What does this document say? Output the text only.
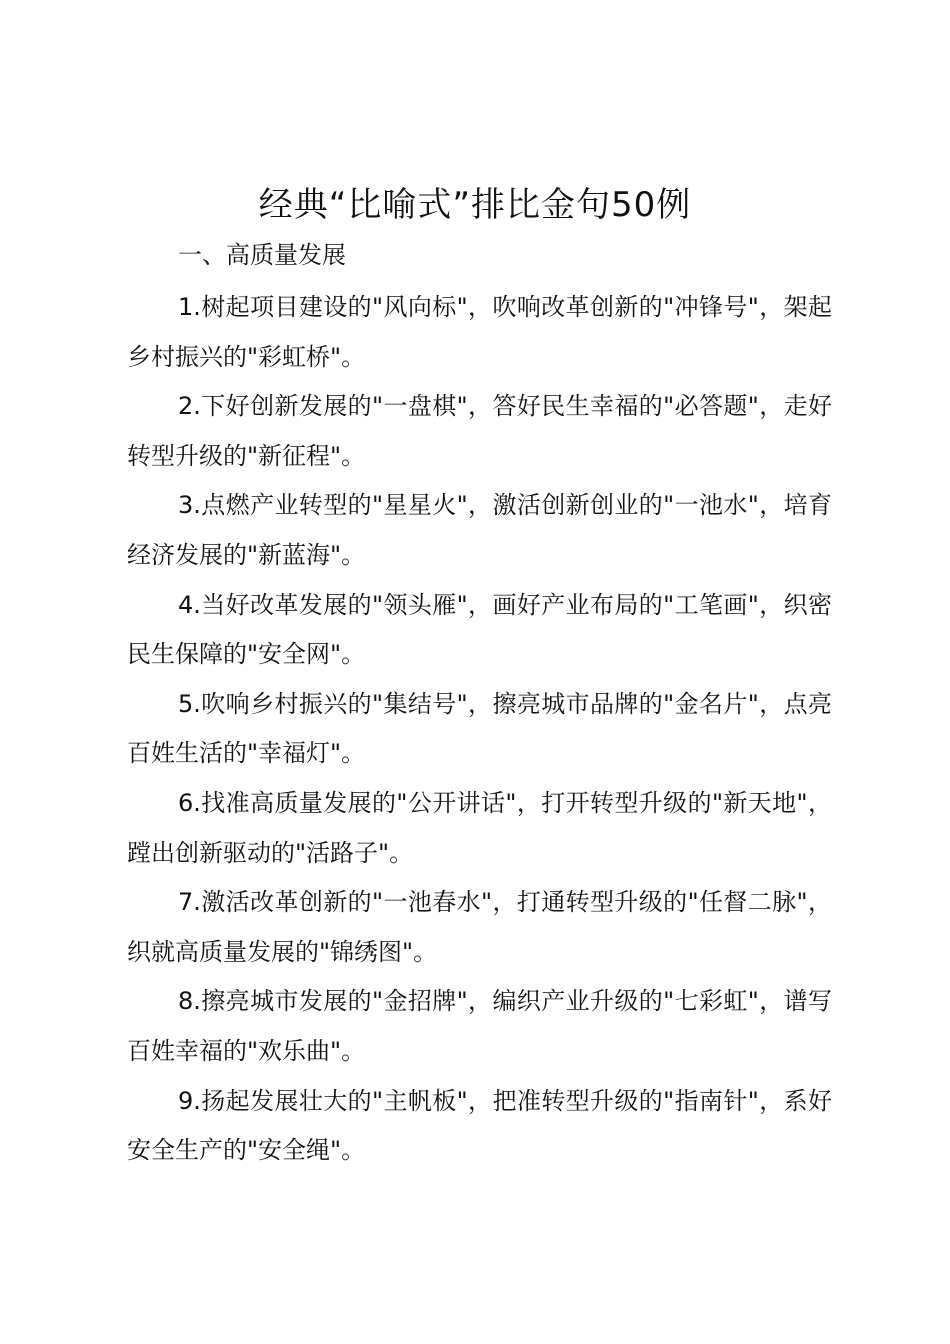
经典“比喻式”排比金句50例

一、高质量发展

1.树起项目建设的"风向标"，吹响改革创新的"冲锋号"，架起乡村振兴的"彩虹桥"。
2.下好创新发展的"一盘棋"，答好民生幸福的"必答题"，走好转型升级的"新征程"。
3.点燃产业转型的"星星火"，激活创新创业的"一池水"，培育经济发展的"新蓝海"。
4.当好改革发展的"领头雁"，画好产业布局的"工笔画"，织密民生保障的"安全网"。
5.吹响乡村振兴的"集结号"，擦亮城市品牌的"金名片"，点亮百姓生活的"幸福灯"。
6.找准高质量发展的"公开讲话"，打开转型升级的"新天地"，蹚出创新驱动的"活路子"。
7.激活改革创新的"一池春水"，打通转型升级的"任督二脉"，织就高质量发展的"锦绣图"。
8.擦亮城市发展的"金招牌"，编织产业升级的"七彩虹"，谱写百姓幸福的"欢乐曲"。
9.扬起发展壮大的"主帆板"，把准转型升级的"指南针"，系好安全生产的"安全绳"。
